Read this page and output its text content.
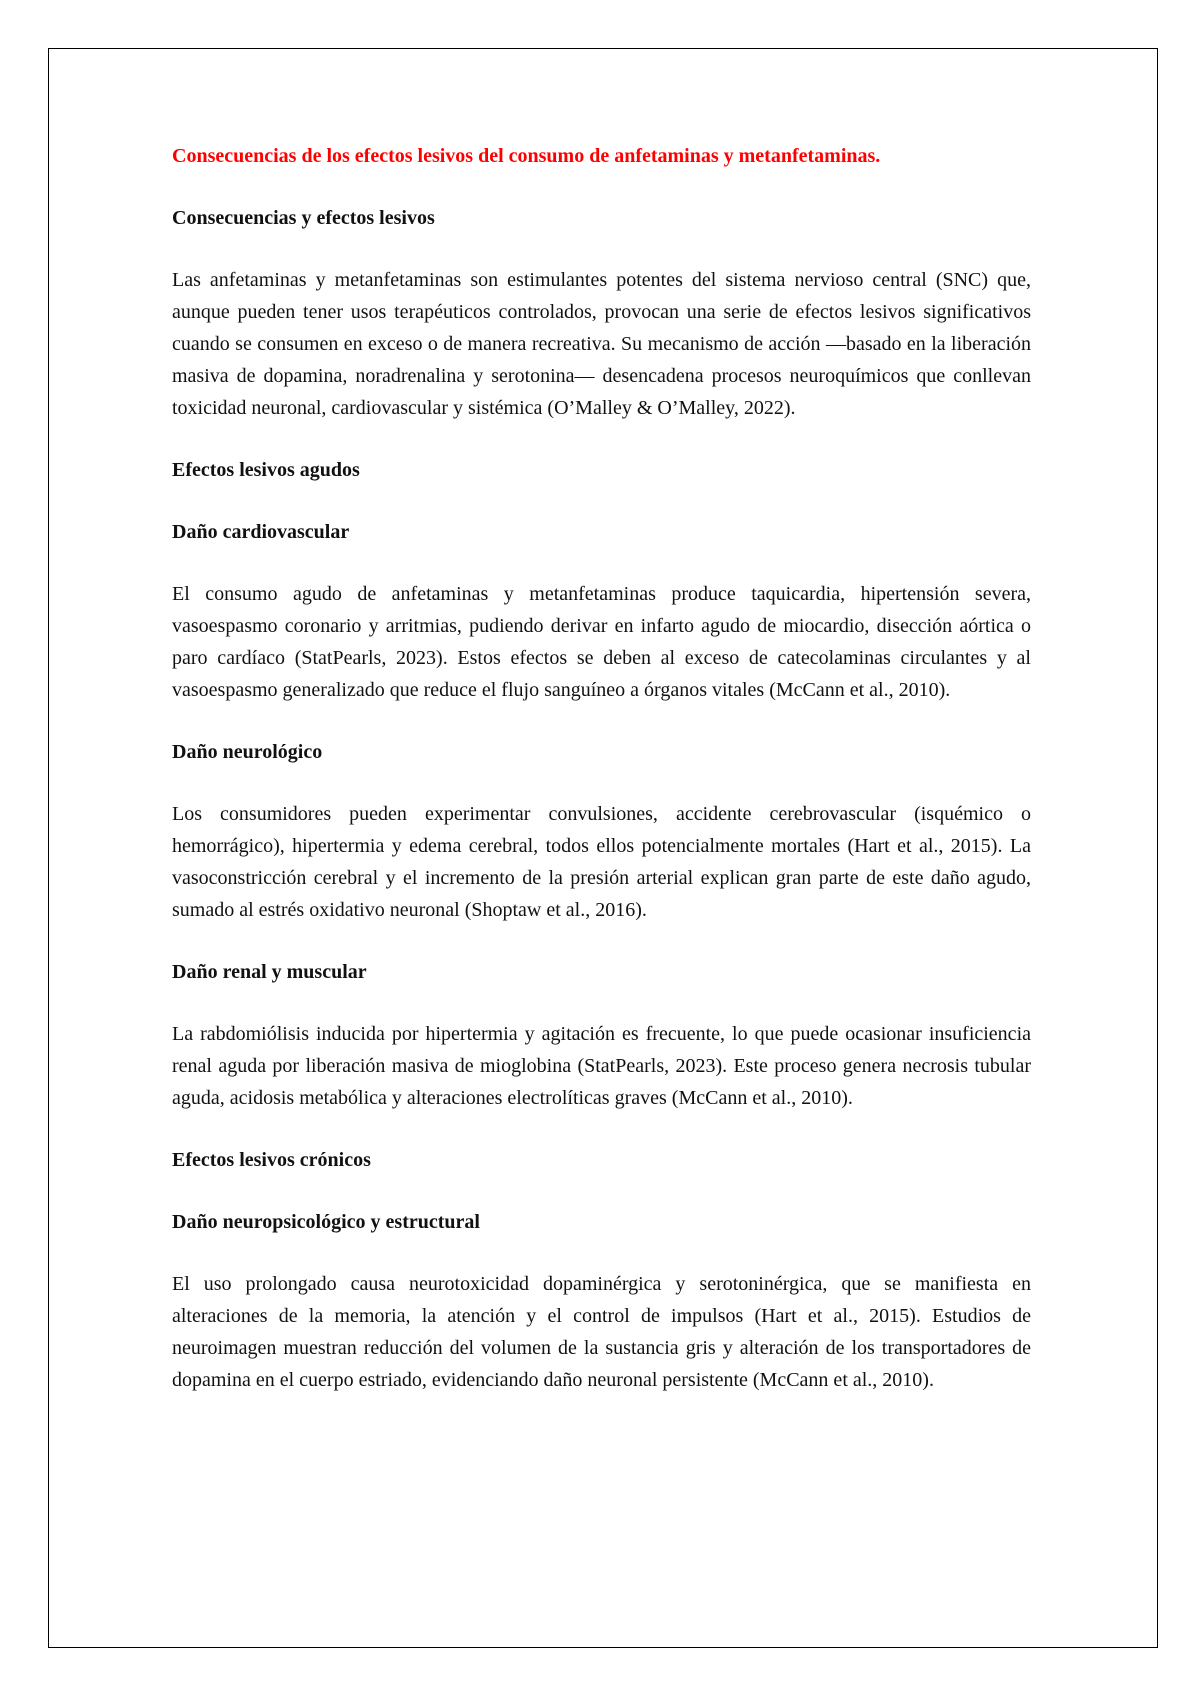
Consecuencias de los efectos lesivos del consumo de anfetaminas y metanfetaminas.

Consecuencias y efectos lesivos

Las anfetaminas y metanfetaminas son estimulantes potentes del sistema nervioso central (SNC) que, aunque pueden tener usos terapéuticos controlados, provocan una serie de efectos lesivos significativos cuando se consumen en exceso o de manera recreativa. Su mecanismo de acción —basado en la liberación masiva de dopamina, noradrenalina y serotonina— desencadena procesos neuroquímicos que conllevan toxicidad neuronal, cardiovascular y sistémica (O’Malley & O’Malley, 2022).

Efectos lesivos agudos

Daño cardiovascular

El consumo agudo de anfetaminas y metanfetaminas produce taquicardia, hipertensión severa, vasoespasmo coronario y arritmias, pudiendo derivar en infarto agudo de miocardio, disección aórtica o paro cardíaco (StatPearls, 2023). Estos efectos se deben al exceso de catecolaminas circulantes y al vasoespasmo generalizado que reduce el flujo sanguíneo a órganos vitales (McCann et al., 2010).

Daño neurológico

Los consumidores pueden experimentar convulsiones, accidente cerebrovascular (isquémico o hemorrágico), hipertermia y edema cerebral, todos ellos potencialmente mortales (Hart et al., 2015). La vasoconstricción cerebral y el incremento de la presión arterial explican gran parte de este daño agudo, sumado al estrés oxidativo neuronal (Shoptaw et al., 2016).

Daño renal y muscular

La rabdomiólisis inducida por hipertermia y agitación es frecuente, lo que puede ocasionar insuficiencia renal aguda por liberación masiva de mioglobina (StatPearls, 2023). Este proceso genera necrosis tubular aguda, acidosis metabólica y alteraciones electrolíticas graves (McCann et al., 2010).

Efectos lesivos crónicos

Daño neuropsicológico y estructural

El uso prolongado causa neurotoxicidad dopaminérgica y serotoninérgica, que se manifiesta en alteraciones de la memoria, la atención y el control de impulsos (Hart et al., 2015). Estudios de neuroimagen muestran reducción del volumen de la sustancia gris y alteración de los transportadores de dopamina en el cuerpo estriado, evidenciando daño neuronal persistente (McCann et al., 2010).
